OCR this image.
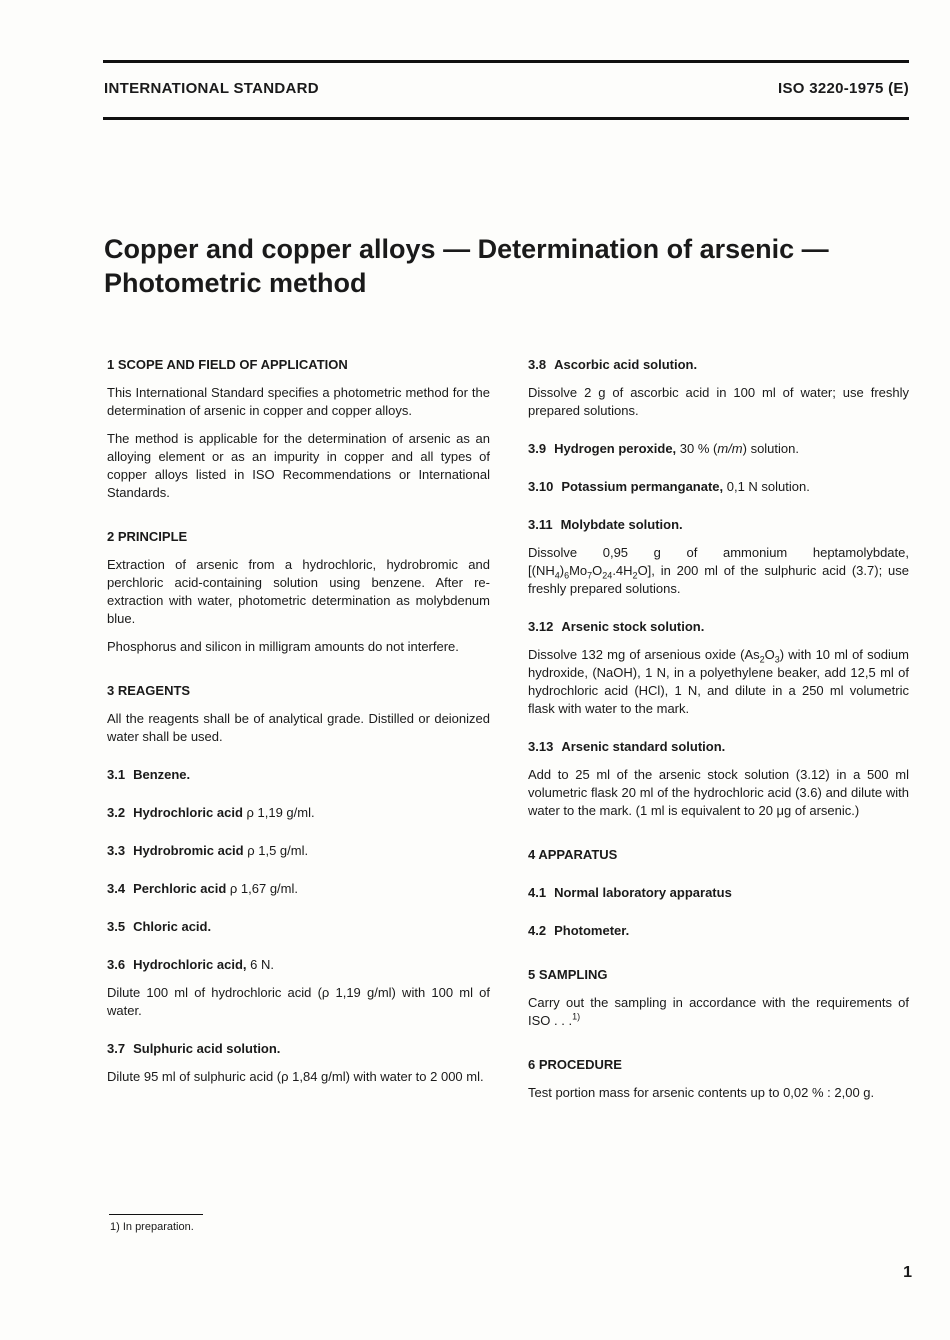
INTERNATIONAL STANDARD	ISO 3220-1975 (E)
Copper and copper alloys — Determination of arsenic —
Photometric method

1 SCOPE AND FIELD OF APPLICATION

This International Standard specifies a photometric method for the determination of arsenic in copper and copper alloys.

The method is applicable for the determination of arsenic as an alloying element or as an impurity in copper and all types of copper alloys listed in ISO Recommendations or International Standards.

2 PRINCIPLE

Extraction of arsenic from a hydrochloric, hydrobromic and perchloric acid-containing solution using benzene. After re-extraction with water, photometric determination as molybdenum blue.

Phosphorus and silicon in milligram amounts do not interfere.

3 REAGENTS

All the reagents shall be of analytical grade. Distilled or deionized water shall be used.

3.1 Benzene.

3.2 Hydrochloric acid ρ 1,19 g/ml.

3.3 Hydrobromic acid ρ 1,5 g/ml.

3.4 Perchloric acid ρ 1,67 g/ml.

3.5 Chloric acid.

3.6 Hydrochloric acid, 6 N.

Dilute 100 ml of hydrochloric acid (ρ 1,19 g/ml) with 100 ml of water.

3.7 Sulphuric acid solution.

Dilute 95 ml of sulphuric acid (ρ 1,84 g/ml) with water to 2 000 ml.

3.8 Ascorbic acid solution.

Dissolve 2 g of ascorbic acid in 100 ml of water; use freshly prepared solutions.

3.9 Hydrogen peroxide, 30 % (m/m) solution.

3.10 Potassium permanganate, 0,1 N solution.

3.11 Molybdate solution.

Dissolve 0,95 g of ammonium heptamolybdate, $[(NH_4)_6Mo_7O_{24}.4H_2O]$, in 200 ml of the sulphuric acid (3.7); use freshly prepared solutions.

3.12 Arsenic stock solution.

Dissolve 132 mg of arsenious oxide $(As_2O_3)$ with 10 ml of sodium hydroxide, (NaOH), 1 N, in a polyethylene beaker, add 12,5 ml of hydrochloric acid (HCl), 1 N, and dilute in a 250 ml volumetric flask with water to the mark.

3.13 Arsenic standard solution.

Add to 25 ml of the arsenic stock solution (3.12) in a 500 ml volumetric flask 20 ml of the hydrochloric acid (3.6) and dilute with water to the mark. (1 ml is equivalent to 20 μg of arsenic.)

4 APPARATUS

4.1 Normal laboratory apparatus

4.2 Photometer.

5 SAMPLING

Carry out the sampling in accordance with the requirements of ISO . . .$^{1)}$

6 PROCEDURE

Test portion mass for arsenic contents up to 0,02 % : 2,00 g.

1) In preparation.
1
